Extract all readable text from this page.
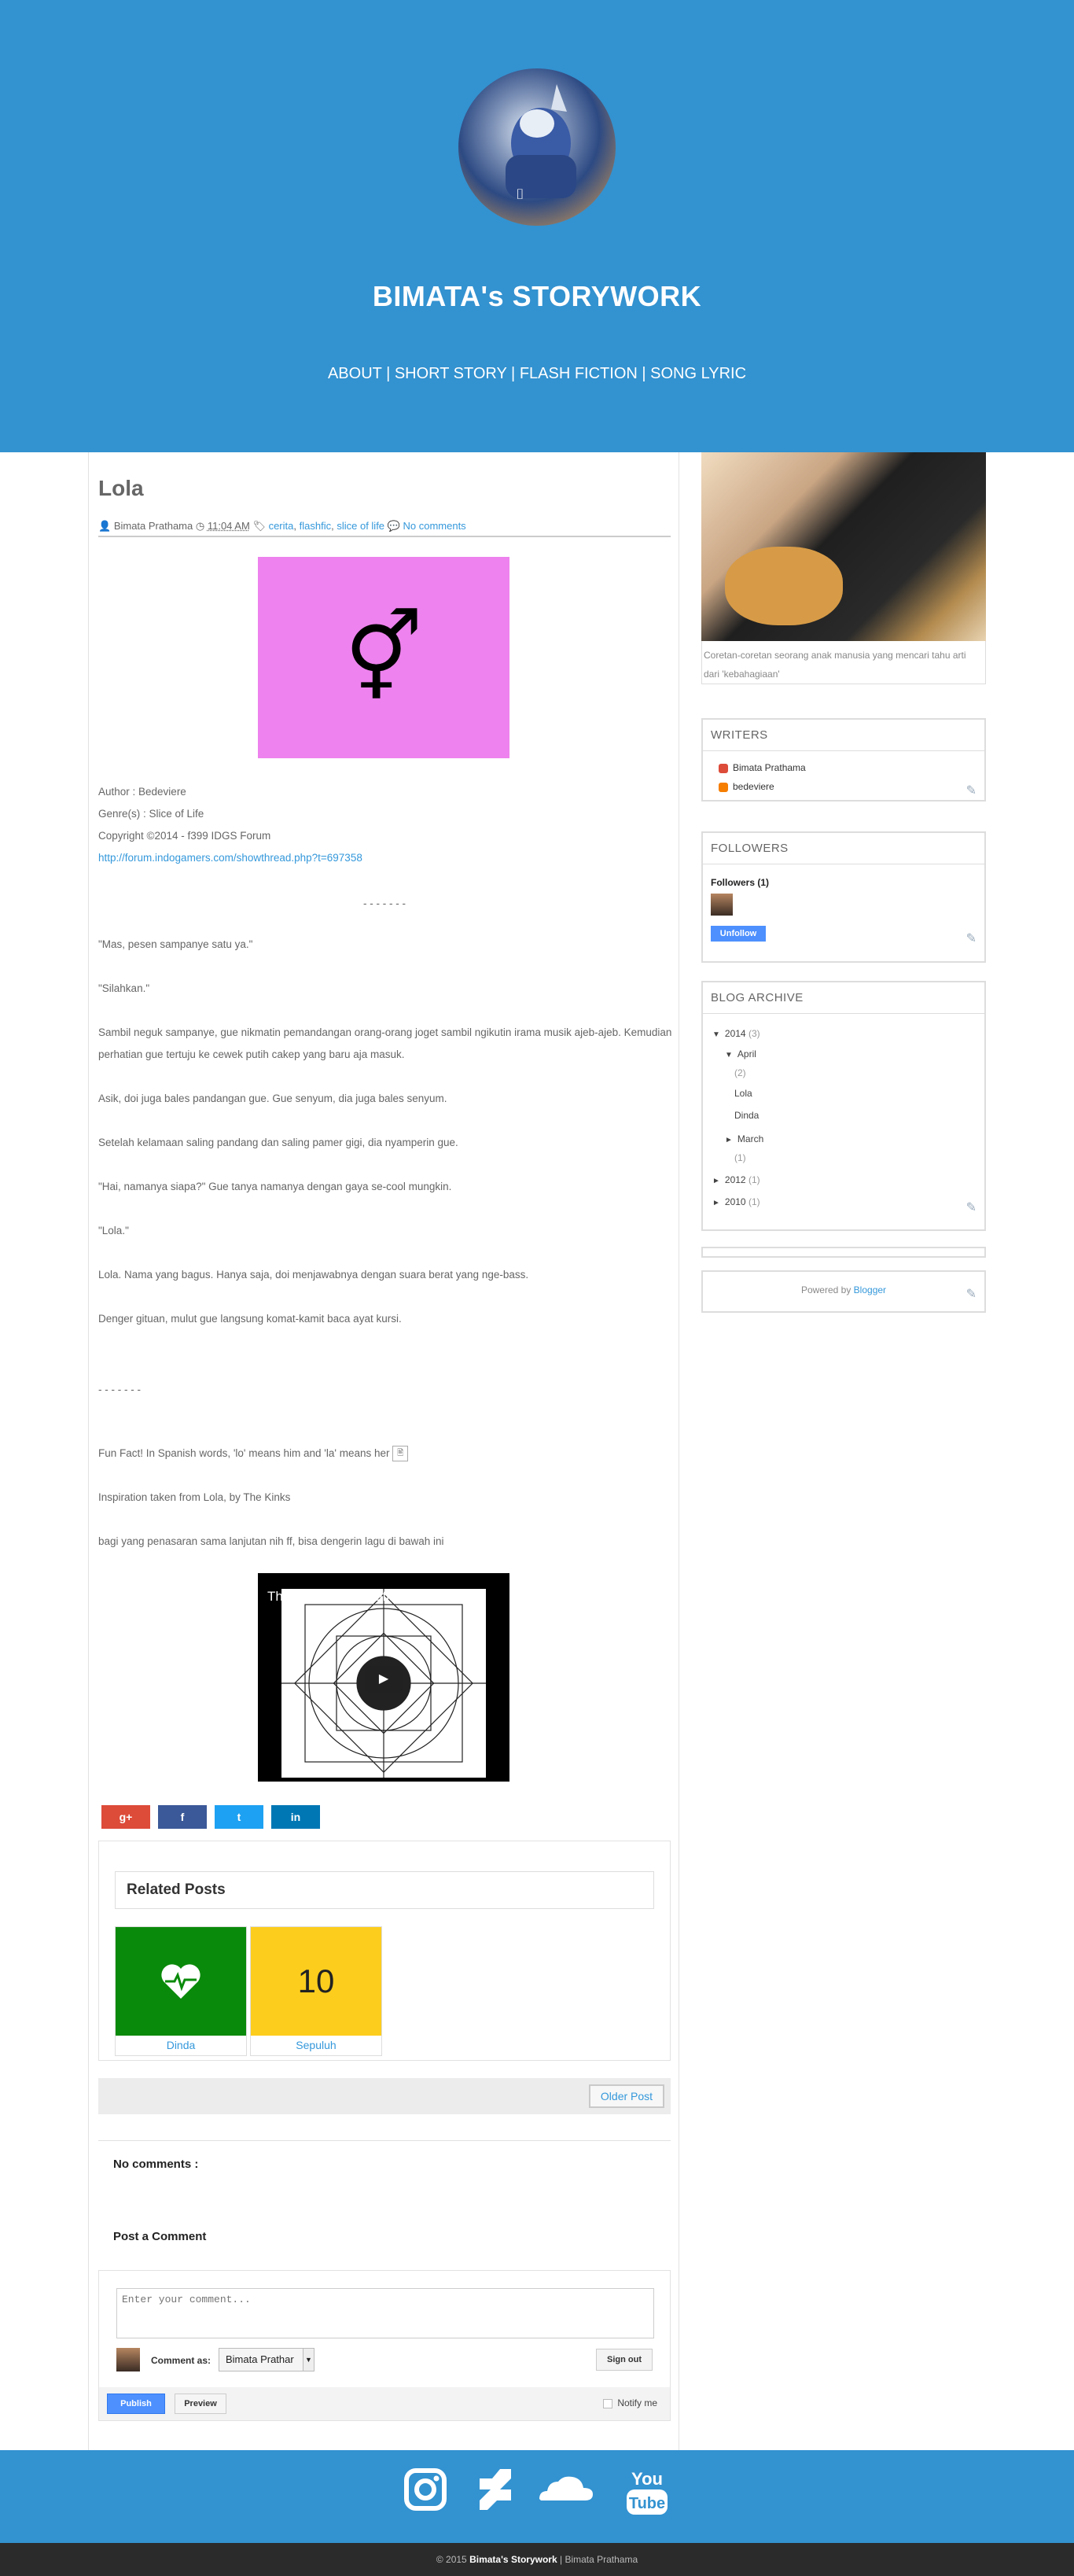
⌷
BIMATA's STORYWORK
ABOUT | SHORT STORY | FLASH FICTION | SONG LYRIC
Lola
👤 Bimata Prathama ◷ 11:04 AM 🏷 cerita, flashfic, slice of life 💬 No comments
⚥
Author : Bedeviere
Genre(s) : Slice of Life
Copyright ©2014 - f399 IDGS Forum
http://forum.indogamers.com/showthread.php?t=697358
- - - - - - -
"Mas, pesen sampanye satu ya."
"Silahkan."
Sambil neguk sampanye, gue nikmatin pemandangan orang-orang joget sambil ngikutin irama musik ajeb-ajeb. Kemudian perhatian gue tertuju ke cewek putih cakep yang baru aja masuk.
Asik, doi juga bales pandangan gue. Gue senyum, dia juga bales senyum.
Setelah kelamaan saling pandang dan saling pamer gigi, dia nyamperin gue.
"Hai, namanya siapa?" Gue tanya namanya dengan gaya se-cool mungkin.
"Lola."
Lola. Nama yang bagus. Hanya saja, doi menjawabnya dengan suara berat yang nge-bass.
Denger gituan, mulut gue langsung komat-kamit baca ayat kursi.
- - - - - - -
Fun Fact! In Spanish words, 'lo' means him and 'la' means her 🖹
Inspiration taken from Lola, by The Kinks
bagi yang penasaran sama lanjutan nih ff, bisa dengerin lagu di bawah ini
The Kinks - Lola (Offi...
▶
g+	f	t	in
Related Posts
Dinda
10
Sepuluh
Older Post
No comments :
Post a Comment
Enter your comment...
Comment as:	Bimata Prathar	▼	Sign out
Publish	Preview	Notify me
Coretan-coretan seorang anak manusia yang mencari tahu arti dari 'kebahagiaan'
WRITERS
Bimata Prathama
bedeviere	✎
FOLLOWERS
Followers (1)
Unfollow	✎
BLOG ARCHIVE
▼ 2014 (3)
▼ April
(2)
Lola
Dinda
► March
(1)
► 2012 (1)
► 2010 (1)	✎
Powered by Blogger	✎
You
Tube
© 2015 Bimata's Storywork | Bimata Prathama
